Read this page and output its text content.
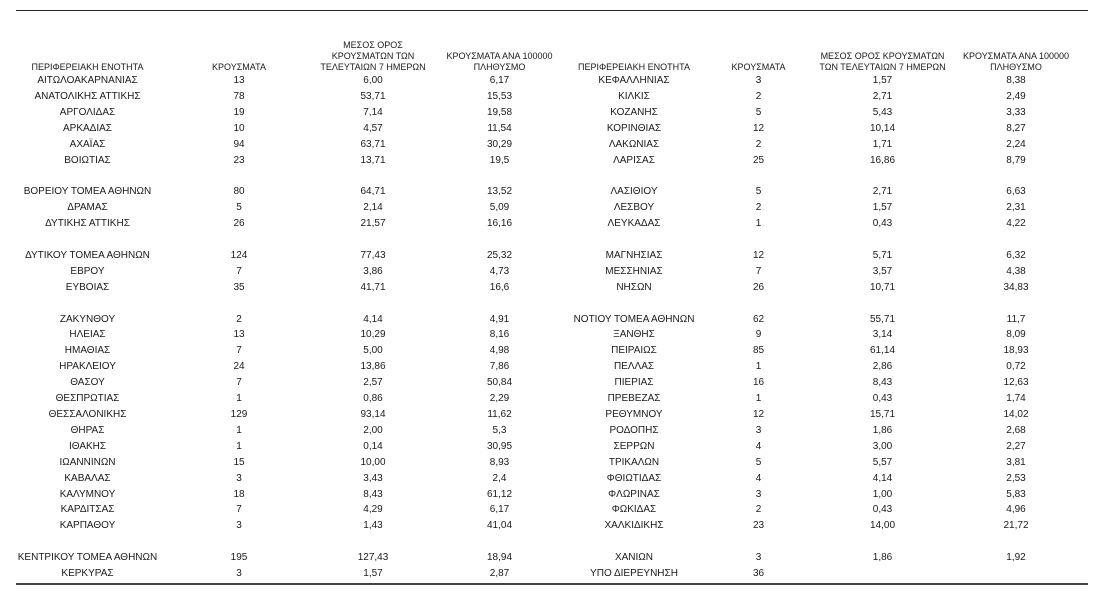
ΠΕΡΙΦΕΡΕΙΑΚΗ ΕΝΟΤΗΤΑ	ΚΡΟΥΣΜΑΤΑ	ΜΕΣΟΣ ΟΡΟΣ ΚΡΟΥΣΜΑΤΩΝ ΤΩΝ ΤΕΛΕΥΤΑΙΩΝ 7 ΗΜΕΡΩΝ	ΚΡΟΥΣΜΑΤΑ ΑΝΑ 100000 ΠΛΗΘΥΣΜΟ	ΠΕΡΙΦΕΡΕΙΑΚΗ ΕΝΟΤΗΤΑ	ΚΡΟΥΣΜΑΤΑ	ΜΕΣΟΣ ΟΡΟΣ ΚΡΟΥΣΜΑΤΩΝ ΤΩΝ ΤΕΛΕΥΤΑΙΩΝ 7 ΗΜΕΡΩΝ	ΚΡΟΥΣΜΑΤΑ ΑΝΑ 100000 ΠΛΗΘΥΣΜΟ
ΑΙΤΩΛΟΑΚΑΡΝΑΝΙΑΣ	13	6,00	6,17	ΚΕΦΑΛΛΗΝΙΑΣ	3	1,57	8,38
ΑΝΑΤΟΛΙΚΗΣ ΑΤΤΙΚΗΣ	78	53,71	15,53	ΚΙΛΚΙΣ	2	2,71	2,49
ΑΡΓΟΛΙΔΑΣ	19	7,14	19,58	ΚΟΖΑΝΗΣ	5	5,43	3,33
ΑΡΚΑΔΙΑΣ	10	4,57	11,54	ΚΟΡΙΝΘΙΑΣ	12	10,14	8,27
ΑΧΑΪΑΣ	94	63,71	30,29	ΛΑΚΩΝΙΑΣ	2	1,71	2,24
ΒΟΙΩΤΙΑΣ	23	13,71	19,5	ΛΑΡΙΣΑΣ	25	16,86	8,79

ΒΟΡΕΙΟΥ ΤΟΜΕΑ ΑΘΗΝΩΝ	80	64,71	13,52	ΛΑΣΙΘΙΟΥ	5	2,71	6,63
ΔΡΑΜΑΣ	5	2,14	5,09	ΛΕΣΒΟΥ	2	1,57	2,31
ΔΥΤΙΚΗΣ ΑΤΤΙΚΗΣ	26	21,57	16,16	ΛΕΥΚΑΔΑΣ	1	0,43	4,22

ΔΥΤΙΚΟΥ ΤΟΜΕΑ ΑΘΗΝΩΝ	124	77,43	25,32	ΜΑΓΝΗΣΙΑΣ	12	5,71	6,32
ΕΒΡΟΥ	7	3,86	4,73	ΜΕΣΣΗΝΙΑΣ	7	3,57	4,38
ΕΥΒΟΙΑΣ	35	41,71	16,6	ΝΗΣΩΝ	26	10,71	34,83

ΖΑΚΥΝΘΟΥ	2	4,14	4,91	ΝΟΤΙΟΥ ΤΟΜΕΑ ΑΘΗΝΩΝ	62	55,71	11,7
ΗΛΕΙΑΣ	13	10,29	8,16	ΞΑΝΘΗΣ	9	3,14	8,09
ΗΜΑΘΙΑΣ	7	5,00	4,98	ΠΕΙΡΑΙΩΣ	85	61,14	18,93
ΗΡΑΚΛΕΙΟΥ	24	13,86	7,86	ΠΕΛΛΑΣ	1	2,86	0,72
ΘΑΣΟΥ	7	2,57	50,84	ΠΙΕΡΙΑΣ	16	8,43	12,63
ΘΕΣΠΡΩΤΙΑΣ	1	0,86	2,29	ΠΡΕΒΕΖΑΣ	1	0,43	1,74
ΘΕΣΣΑΛΟΝΙΚΗΣ	129	93,14	11,62	ΡΕΘΥΜΝΟΥ	12	15,71	14,02
ΘΗΡΑΣ	1	2,00	5,3	ΡΟΔΟΠΗΣ	3	1,86	2,68
ΙΘΑΚΗΣ	1	0,14	30,95	ΣΕΡΡΩΝ	4	3,00	2,27
ΙΩΑΝΝΙΝΩΝ	15	10,00	8,93	ΤΡΙΚΑΛΩΝ	5	5,57	3,81
ΚΑΒΑΛΑΣ	3	3,43	2,4	ΦΘΙΩΤΙΔΑΣ	4	4,14	2,53
ΚΑΛΥΜΝΟΥ	18	8,43	61,12	ΦΛΩΡΙΝΑΣ	3	1,00	5,83
ΚΑΡΔΙΤΣΑΣ	7	4,29	6,17	ΦΩΚΙΔΑΣ	2	0,43	4,96
ΚΑΡΠΑΘΟΥ	3	1,43	41,04	ΧΑΛΚΙΔΙΚΗΣ	23	14,00	21,72

ΚΕΝΤΡΙΚΟΥ ΤΟΜΕΑ ΑΘΗΝΩΝ	195	127,43	18,94	ΧΑΝΙΩΝ	3	1,86	1,92
ΚΕΡΚΥΡΑΣ	3	1,57	2,87	ΥΠΟ ΔΙΕΡΕΥΝΗΣΗ	36		
